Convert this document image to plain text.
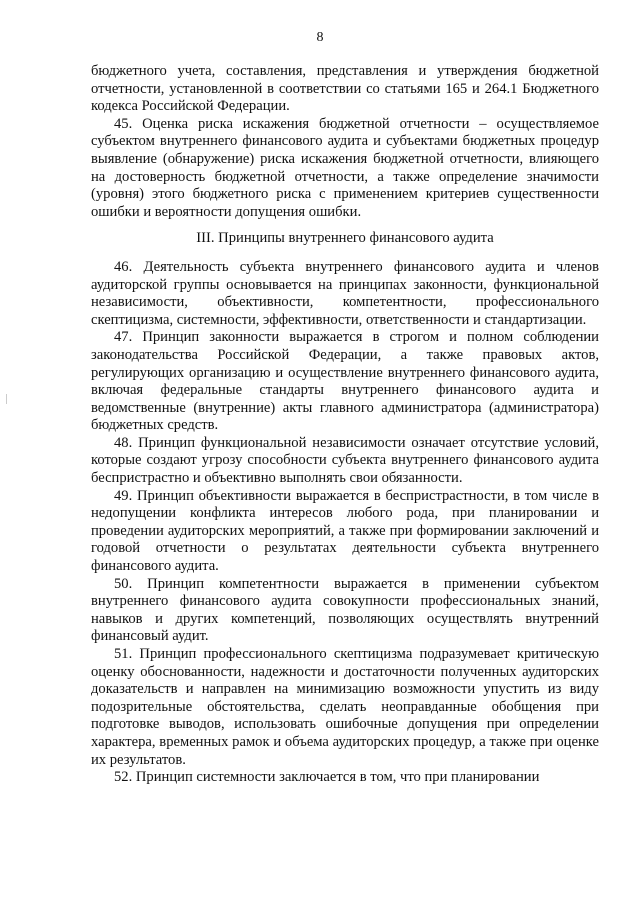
8

бюджетного учета, составления, представления и утверждения бюджетной отчетности, установленной в соответствии со статьями 165 и 264.1 Бюджетного кодекса Российской Федерации.

45. Оценка риска искажения бюджетной отчетности – осуществляемое субъектом внутреннего финансового аудита и субъектами бюджетных процедур выявление (обнаружение) риска искажения бюджетной отчетности, влияющего на достоверность бюджетной отчетности, а также определение значимости (уровня) этого бюджетного риска с применением критериев существенности ошибки и вероятности допущения ошибки.

III. Принципы внутреннего финансового аудита

46. Деятельность субъекта внутреннего финансового аудита и членов аудиторской группы основывается на принципах законности, функциональной независимости, объективности, компетентности, профессионального скептицизма, системности, эффективности, ответственности и стандартизации.

47. Принцип законности выражается в строгом и полном соблюдении законодательства Российской Федерации, а также правовых актов, регулирующих организацию и осуществление внутреннего финансового аудита, включая федеральные стандарты внутреннего финансового аудита и ведомственные (внутренние) акты главного администратора (администратора) бюджетных средств.

48. Принцип функциональной независимости означает отсутствие условий, которые создают угрозу способности субъекта внутреннего финансового аудита беспристрастно и объективно выполнять свои обязанности.

49. Принцип объективности выражается в беспристрастности, в том числе в недопущении конфликта интересов любого рода, при планировании и проведении аудиторских мероприятий, а также при формировании заключений и годовой отчетности о результатах деятельности субъекта внутреннего финансового аудита.

50. Принцип компетентности выражается в применении субъектом внутреннего финансового аудита совокупности профессиональных знаний, навыков и других компетенций, позволяющих осуществлять внутренний финансовый аудит.

51. Принцип профессионального скептицизма подразумевает критическую оценку обоснованности, надежности и достаточности полученных аудиторских доказательств и направлен на минимизацию возможности упустить из виду подозрительные обстоятельства, сделать неоправданные обобщения при подготовке выводов, использовать ошибочные допущения при определении характера, временных рамок и объема аудиторских процедур, а также при оценке их результатов.

52. Принцип системности заключается в том, что при планировании
